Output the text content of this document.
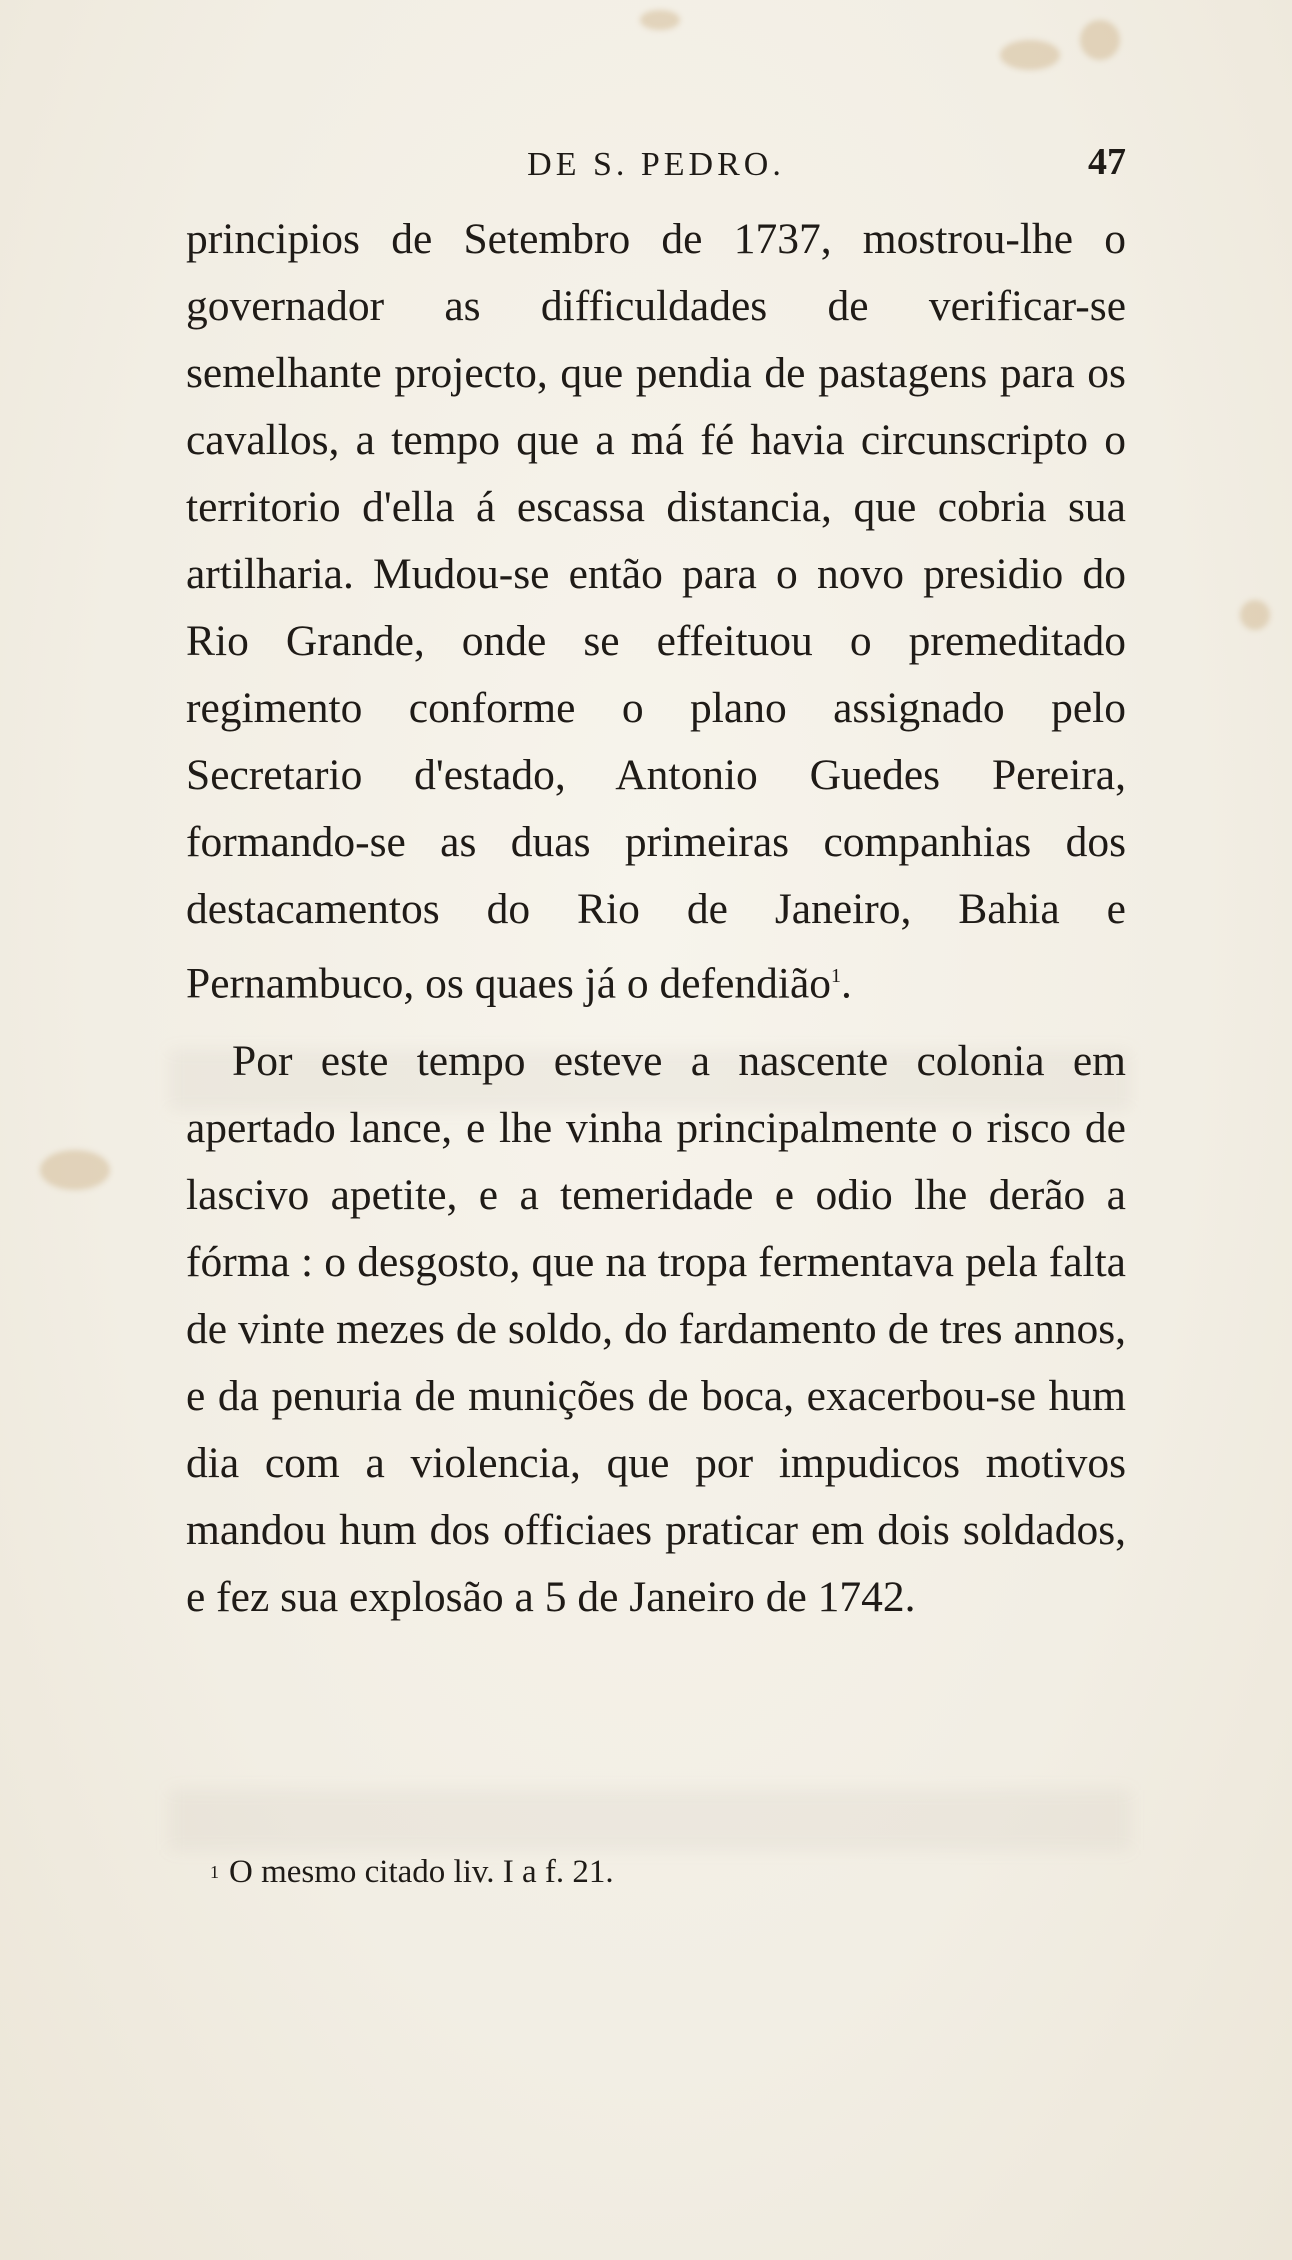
DE S. PEDRO.	47

principios de Setembro de 1737, mostrou-lhe o governador as difficuldades de verificar-se semelhante projecto, que pendia de pastagens para os cavallos, a tempo que a má fé havia circunscripto o territorio d'ella á escassa distancia, que cobria sua artilharia. Mudou-se então para o novo presidio do Rio Grande, onde se effeituou o premeditado regimento conforme o plano assignado pelo Secretario d'estado, Antonio Guedes Pereira, formando-se as duas primeiras companhias dos destacamentos do Rio de Janeiro, Bahia e Pernambuco, os quaes já o defendião$^1$.

Por este tempo esteve a nascente colonia em apertado lance, e lhe vinha principalmente o risco de lascivo apetite, e a temeridade e odio lhe derão a fórma : o desgosto, que na tropa fermentava pela falta de vinte mezes de soldo, do fardamento de tres annos, e da penuria de munições de boca, exacerbou-se hum dia com a violencia, que por impudicos motivos mandou hum dos officiaes praticar em dois soldados, e fez sua explosão a 5 de Janeiro de 1742.

$^1$ O mesmo citado liv. I a f. 21.
